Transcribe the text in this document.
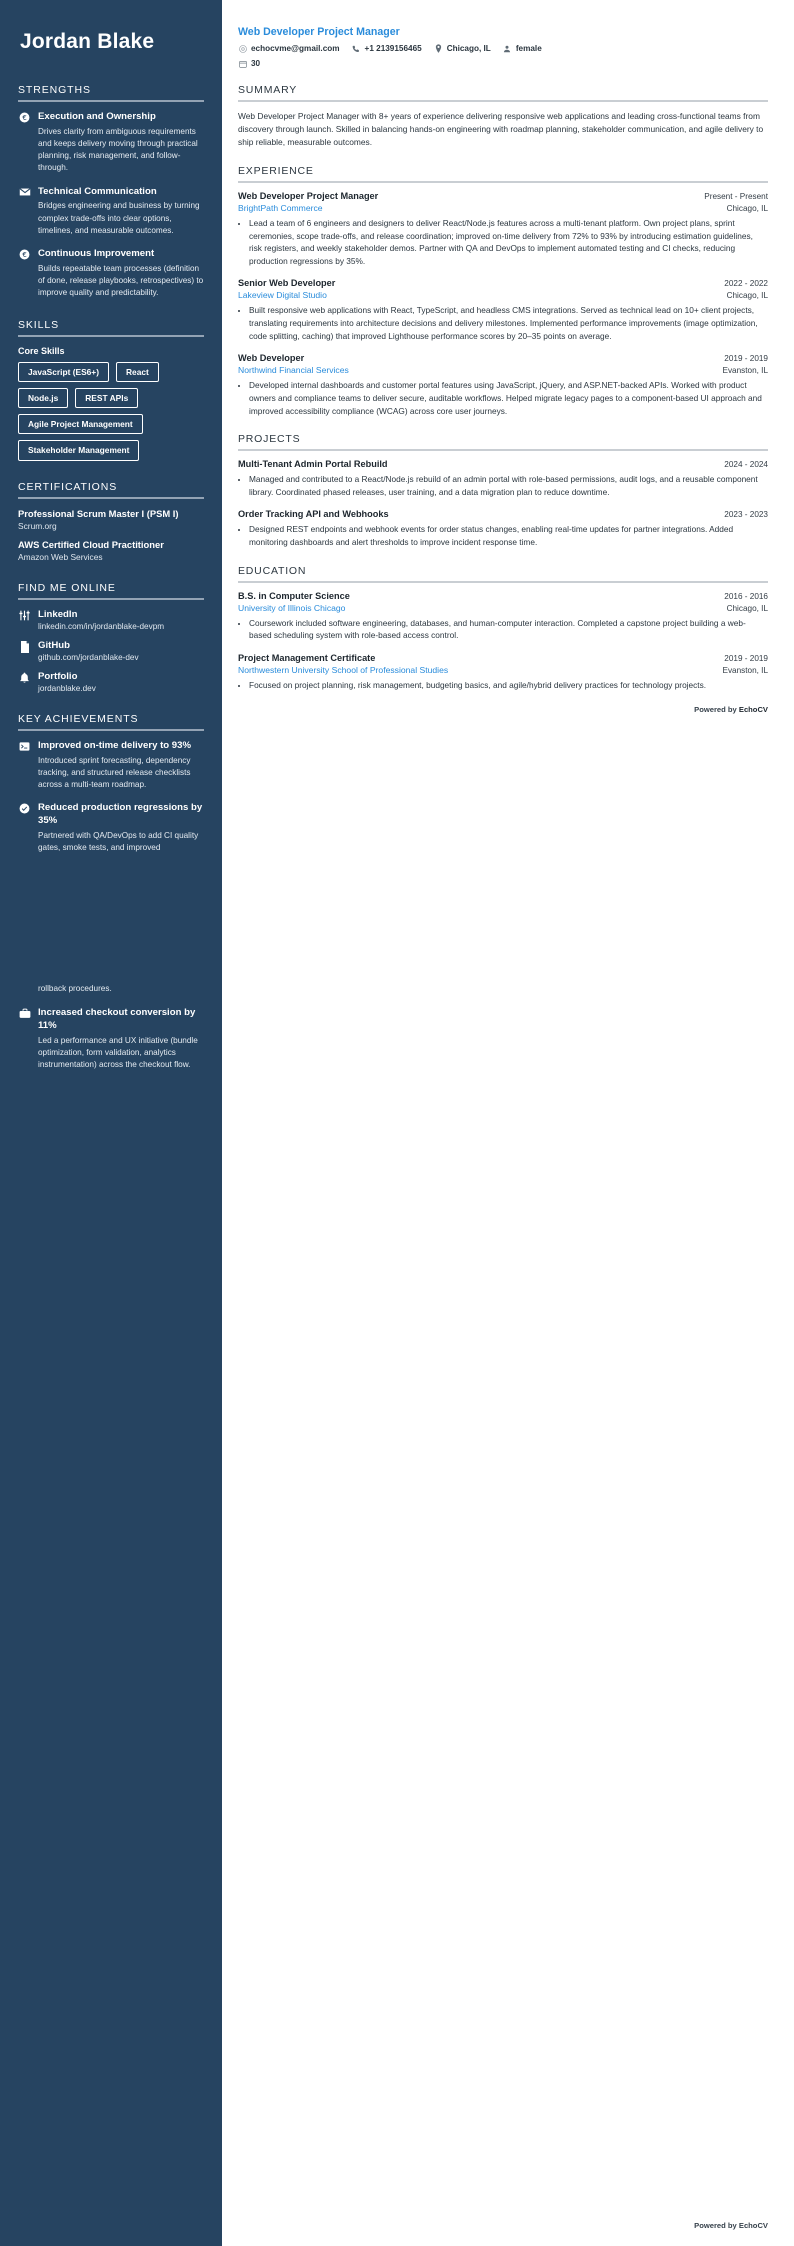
Jordan Blake
STRENGTHS
€ Execution and Ownership
Drives clarity from ambiguous requirements and keeps delivery moving through practical planning, risk management, and follow-through.
Technical Communication
Bridges engineering and business by turning complex trade-offs into clear options, timelines, and measurable outcomes.
€ Continuous Improvement
Builds repeatable team processes (definition of done, release playbooks, retrospectives) to improve quality and predictability.
SKILLS
Core Skills
JavaScript (ES6+)	React
Node.js	REST APIs
Agile Project Management
Stakeholder Management
CERTIFICATIONS
Professional Scrum Master I (PSM I)
Scrum.org
AWS Certified Cloud Practitioner
Amazon Web Services
FIND ME ONLINE
LinkedIn
linkedin.com/in/jordanblake-devpm
GitHub
github.com/jordanblake-dev
Portfolio
jordanblake.dev
KEY ACHIEVEMENTS
Improved on-time delivery to 93%
Introduced sprint forecasting, dependency tracking, and structured release checklists across a multi-team roadmap.
Reduced production regressions by 35%
Partnered with QA/DevOps to add CI quality gates, smoke tests, and improved
rollback procedures.
Increased checkout conversion by 11%
Led a performance and UX initiative (bundle optimization, form validation, analytics instrumentation) across the checkout flow.
Web Developer Project Manager
echocvme@gmail.com	+1 2139156465	Chicago, IL	female
30
SUMMARY

Web Developer Project Manager with 8+ years of experience delivering responsive web applications and leading cross-functional teams from discovery through launch. Skilled in balancing hands-on engineering with roadmap planning, stakeholder communication, and agile delivery to ship reliable, measurable outcomes.

EXPERIENCE
Web Developer Project Manager	Present - Present
BrightPath Commerce	Chicago, IL
• Lead a team of 6 engineers and designers to deliver React/Node.js features across a multi-tenant platform. Own project plans, sprint ceremonies, scope trade-offs, and release coordination; improved on-time delivery from 72% to 93% by introducing estimation guidelines, risk registers, and weekly stakeholder demos. Partner with QA and DevOps to implement automated testing and CI checks, reducing production regressions by 35%.
Senior Web Developer	2022 - 2022
Lakeview Digital Studio	Chicago, IL
• Built responsive web applications with React, TypeScript, and headless CMS integrations. Served as technical lead on 10+ client projects, translating requirements into architecture decisions and delivery milestones. Implemented performance improvements (image optimization, code splitting, caching) that improved Lighthouse performance scores by 20–35 points on average.
Web Developer	2019 - 2019
Northwind Financial Services	Evanston, IL
• Developed internal dashboards and customer portal features using JavaScript, jQuery, and ASP.NET-backed APIs. Worked with product owners and compliance teams to deliver secure, auditable workflows. Helped migrate legacy pages to a component-based UI approach and improved accessibility compliance (WCAG) across core user journeys.
PROJECTS
Multi-Tenant Admin Portal Rebuild	2024 - 2024
• Managed and contributed to a React/Node.js rebuild of an admin portal with role-based permissions, audit logs, and a reusable component library. Coordinated phased releases, user training, and a data migration plan to reduce downtime.
Order Tracking API and Webhooks	2023 - 2023
• Designed REST endpoints and webhook events for order status changes, enabling real-time updates for partner integrations. Added monitoring dashboards and alert thresholds to improve incident response time.
EDUCATION
B.S. in Computer Science	2016 - 2016
University of Illinois Chicago	Chicago, IL
• Coursework included software engineering, databases, and human-computer interaction. Completed a capstone project building a web-based scheduling system with role-based access control.
Project Management Certificate	2019 - 2019
Northwestern University School of Professional Studies	Evanston, IL
• Focused on project planning, risk management, budgeting basics, and agile/hybrid delivery practices for technology projects.
Powered by EchoCV
Powered by EchoCV
